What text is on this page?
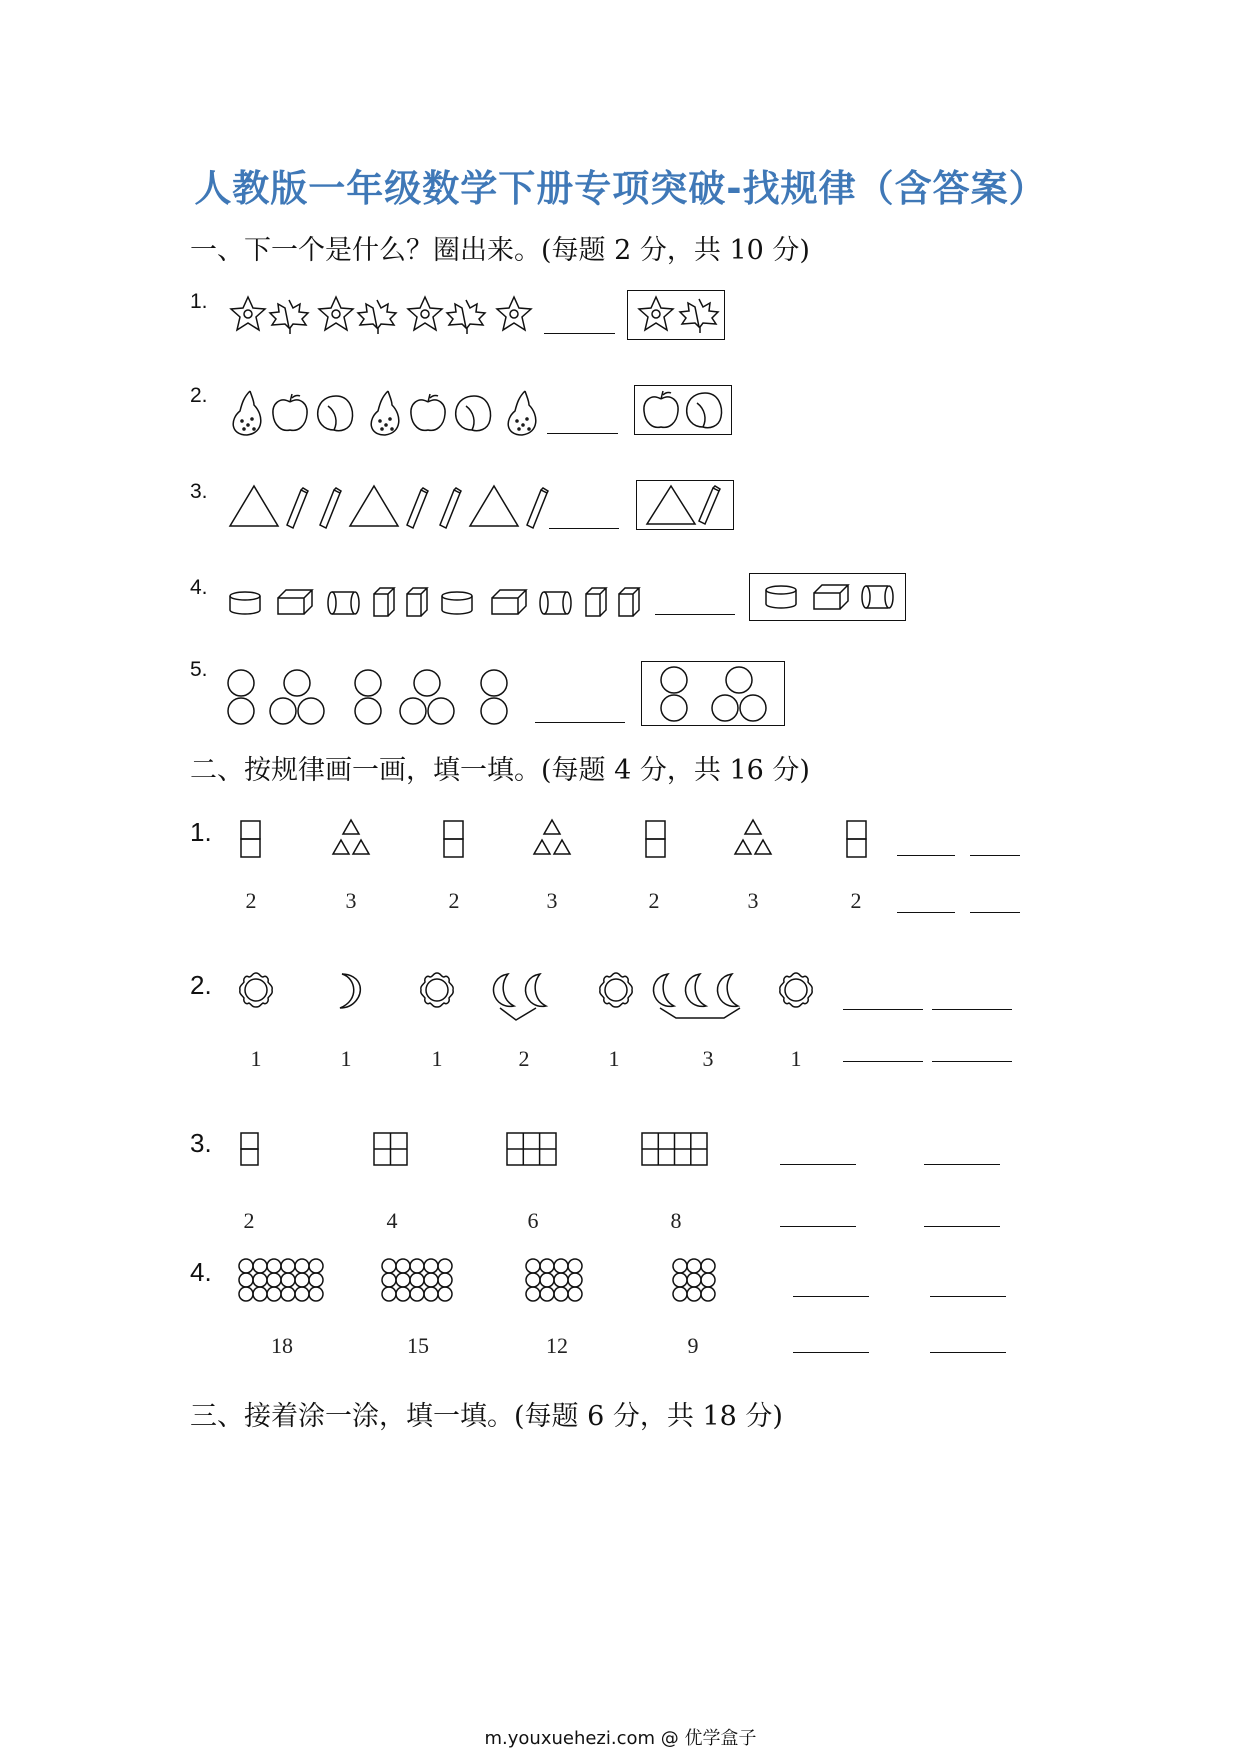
人教版一年级数学下册专项突破-找规律（含答案）
一、下一个是什么？圈出来。(每题 2 分，共 10 分)
1.
2.
3.
4.
5.
二、按规律画一画，填一填。(每题 4 分，共 16 分)
1.
2	3	2	3	2	3	2
2.
1	1	1	2	1	3	1
3.
2	4	6	8
4.
18	15	12	9
三、接着涂一涂，填一填。(每题 6 分，共 18 分)
m.youxuehezi.com @ 优学盒子
